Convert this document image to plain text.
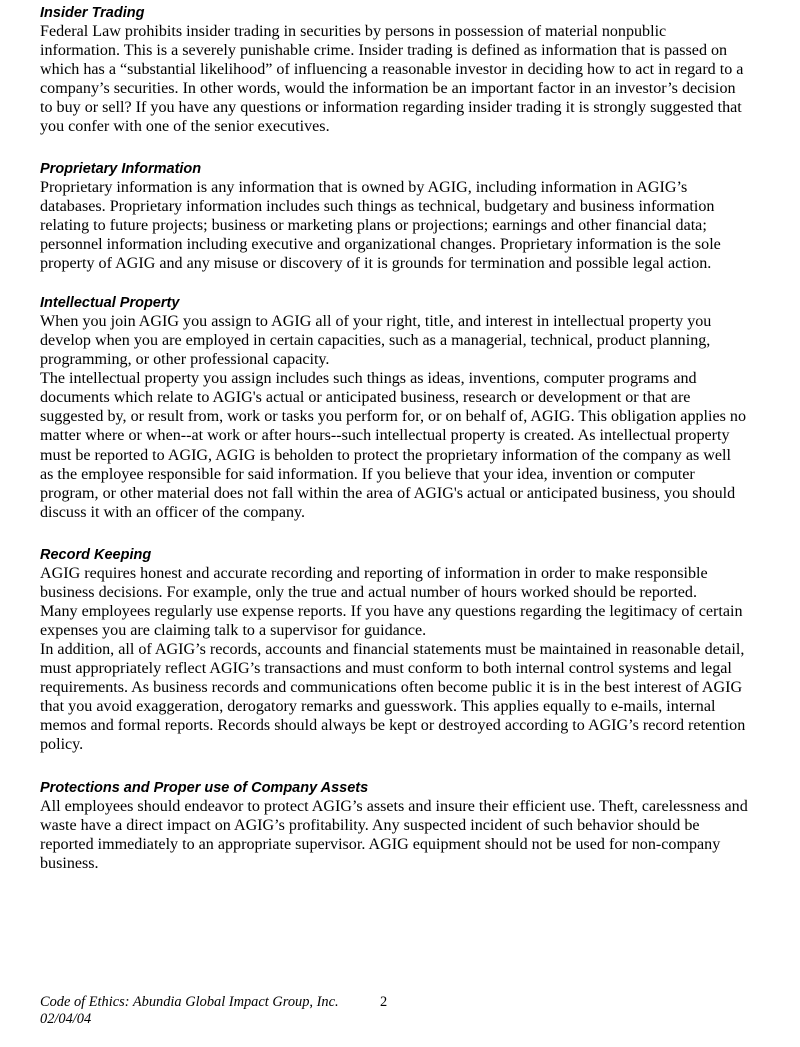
Insider Trading

Federal Law prohibits insider trading in securities by persons in possession of material nonpublic information. This is a severely punishable crime. Insider trading is defined as information that is passed on which has a “substantial likelihood” of influencing a reasonable investor in deciding how to act in regard to a company’s securities. In other words, would the information be an important factor in an investor’s decision to buy or sell? If you have any questions or information regarding insider trading it is strongly suggested that you confer with one of the senior executives.

Proprietary Information

Proprietary information is any information that is owned by AGIG, including information in AGIG’s databases. Proprietary information includes such things as technical, budgetary and business information relating to future projects; business or marketing plans or projections; earnings and other financial data; personnel information including executive and organizational changes. Proprietary information is the sole property of AGIG and any misuse or discovery of it is grounds for termination and possible legal action.

Intellectual Property

When you join AGIG you assign to AGIG all of your right, title, and interest in intellectual property you develop when you are employed in certain capacities, such as a managerial, technical, product planning, programming, or other professional capacity.

The intellectual property you assign includes such things as ideas, inventions, computer programs and documents which relate to AGIG's actual or anticipated business, research or development or that are suggested by, or result from, work or tasks you perform for, or on behalf of, AGIG. This obligation applies no matter where or when--at work or after hours--such intellectual property is created. As intellectual property must be reported to AGIG, AGIG is beholden to protect the proprietary information of the company as well as the employee responsible for said information. If you believe that your idea, invention or computer program, or other material does not fall within the area of AGIG's actual or anticipated business, you should discuss it with an officer of the company.

Record Keeping

AGIG requires honest and accurate recording and reporting of information in order to make responsible business decisions. For example, only the true and actual number of hours worked should be reported.

Many employees regularly use expense reports. If you have any questions regarding the legitimacy of certain expenses you are claiming talk to a supervisor for guidance.

In addition, all of AGIG’s records, accounts and financial statements must be maintained in reasonable detail, must appropriately reflect AGIG’s transactions and must conform to both internal control systems and legal requirements. As business records and communications often become public it is in the best interest of AGIG that you avoid exaggeration, derogatory remarks and guesswork. This applies equally to e-mails, internal memos and formal reports. Records should always be kept or destroyed according to AGIG’s record retention policy.

Protections and Proper use of Company Assets

All employees should endeavor to protect AGIG’s assets and insure their efficient use. Theft, carelessness and waste have a direct impact on AGIG’s profitability. Any suspected incident of such behavior should be reported immediately to an appropriate supervisor. AGIG equipment should not be used for non-company business.

Code of Ethics: Abundia Global Impact Group, Inc. 02/04/04
2
